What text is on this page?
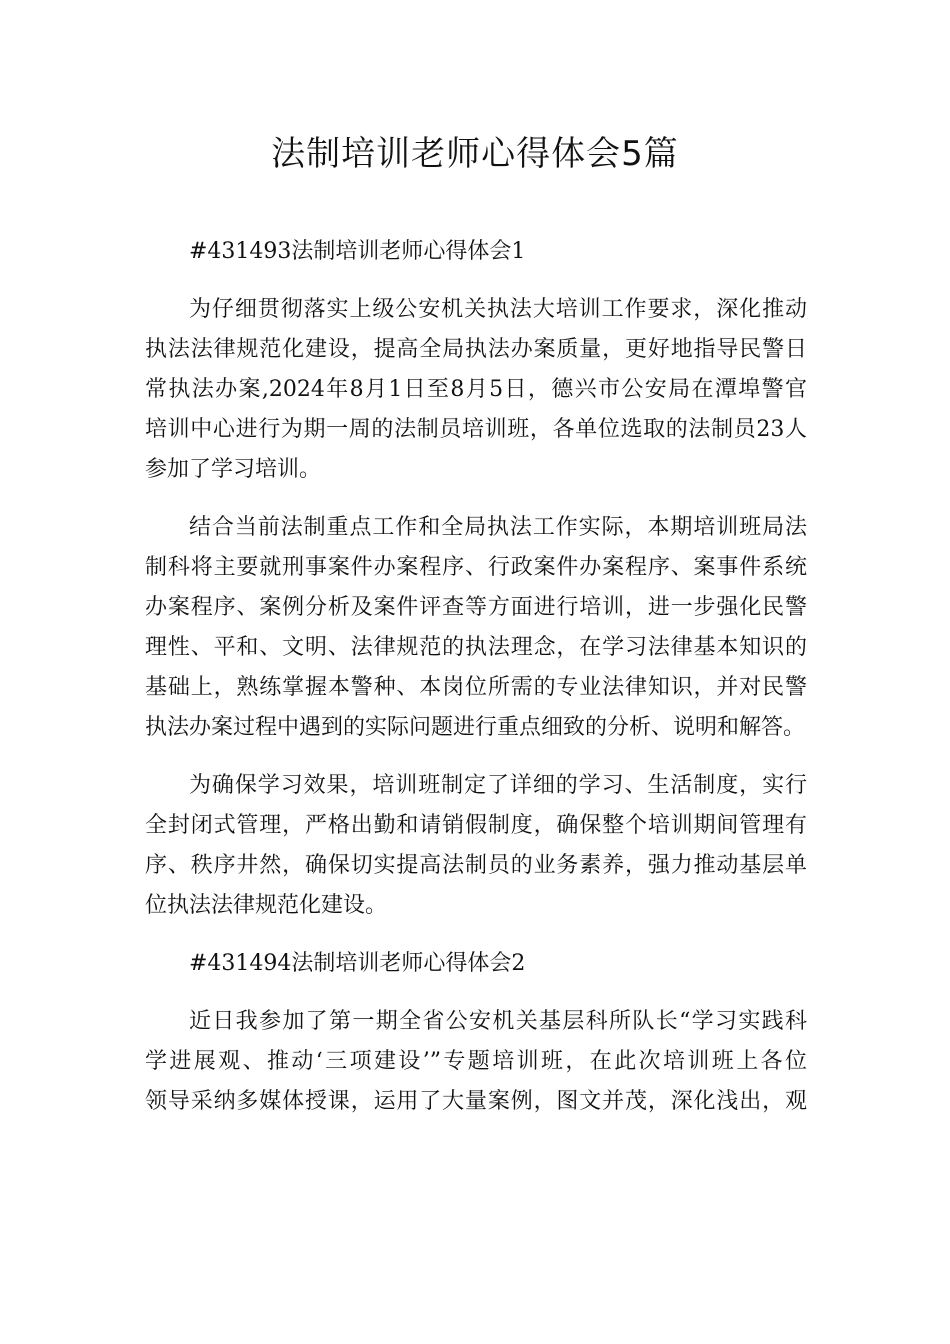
法制培训老师心得体会5篇

#431493法制培训老师心得体会1

为仔细贯彻落实上级公安机关执法大培训工作要求，深化推动
执法法律规范化建设，提高全局执法办案质量，更好地指导民警日
常执法办案,2024年8月1日至8月5日，德兴市公安局在潭埠警官
培训中心进行为期一周的法制员培训班，各单位选取的法制员23人
参加了学习培训。

结合当前法制重点工作和全局执法工作实际，本期培训班局法
制科将主要就刑事案件办案程序、行政案件办案程序、案事件系统
办案程序、案例分析及案件评查等方面进行培训，进一步强化民警
理性、平和、文明、法律规范的执法理念，在学习法律基本知识的
基础上，熟练掌握本警种、本岗位所需的专业法律知识，并对民警
执法办案过程中遇到的实际问题进行重点细致的分析、说明和解答。

为确保学习效果，培训班制定了详细的学习、生活制度，实行
全封闭式管理，严格出勤和请销假制度，确保整个培训期间管理有
序、秩序井然，确保切实提高法制员的业务素养，强力推动基层单
位执法法律规范化建设。

#431494法制培训老师心得体会2

近日我参加了第一期全省公安机关基层科所队长“学习实践科
学进展观、推动‘三项建设’”专题培训班，在此次培训班上各位
领导采纳多媒体授课，运用了大量案例，图文并茂，深化浅出，观
